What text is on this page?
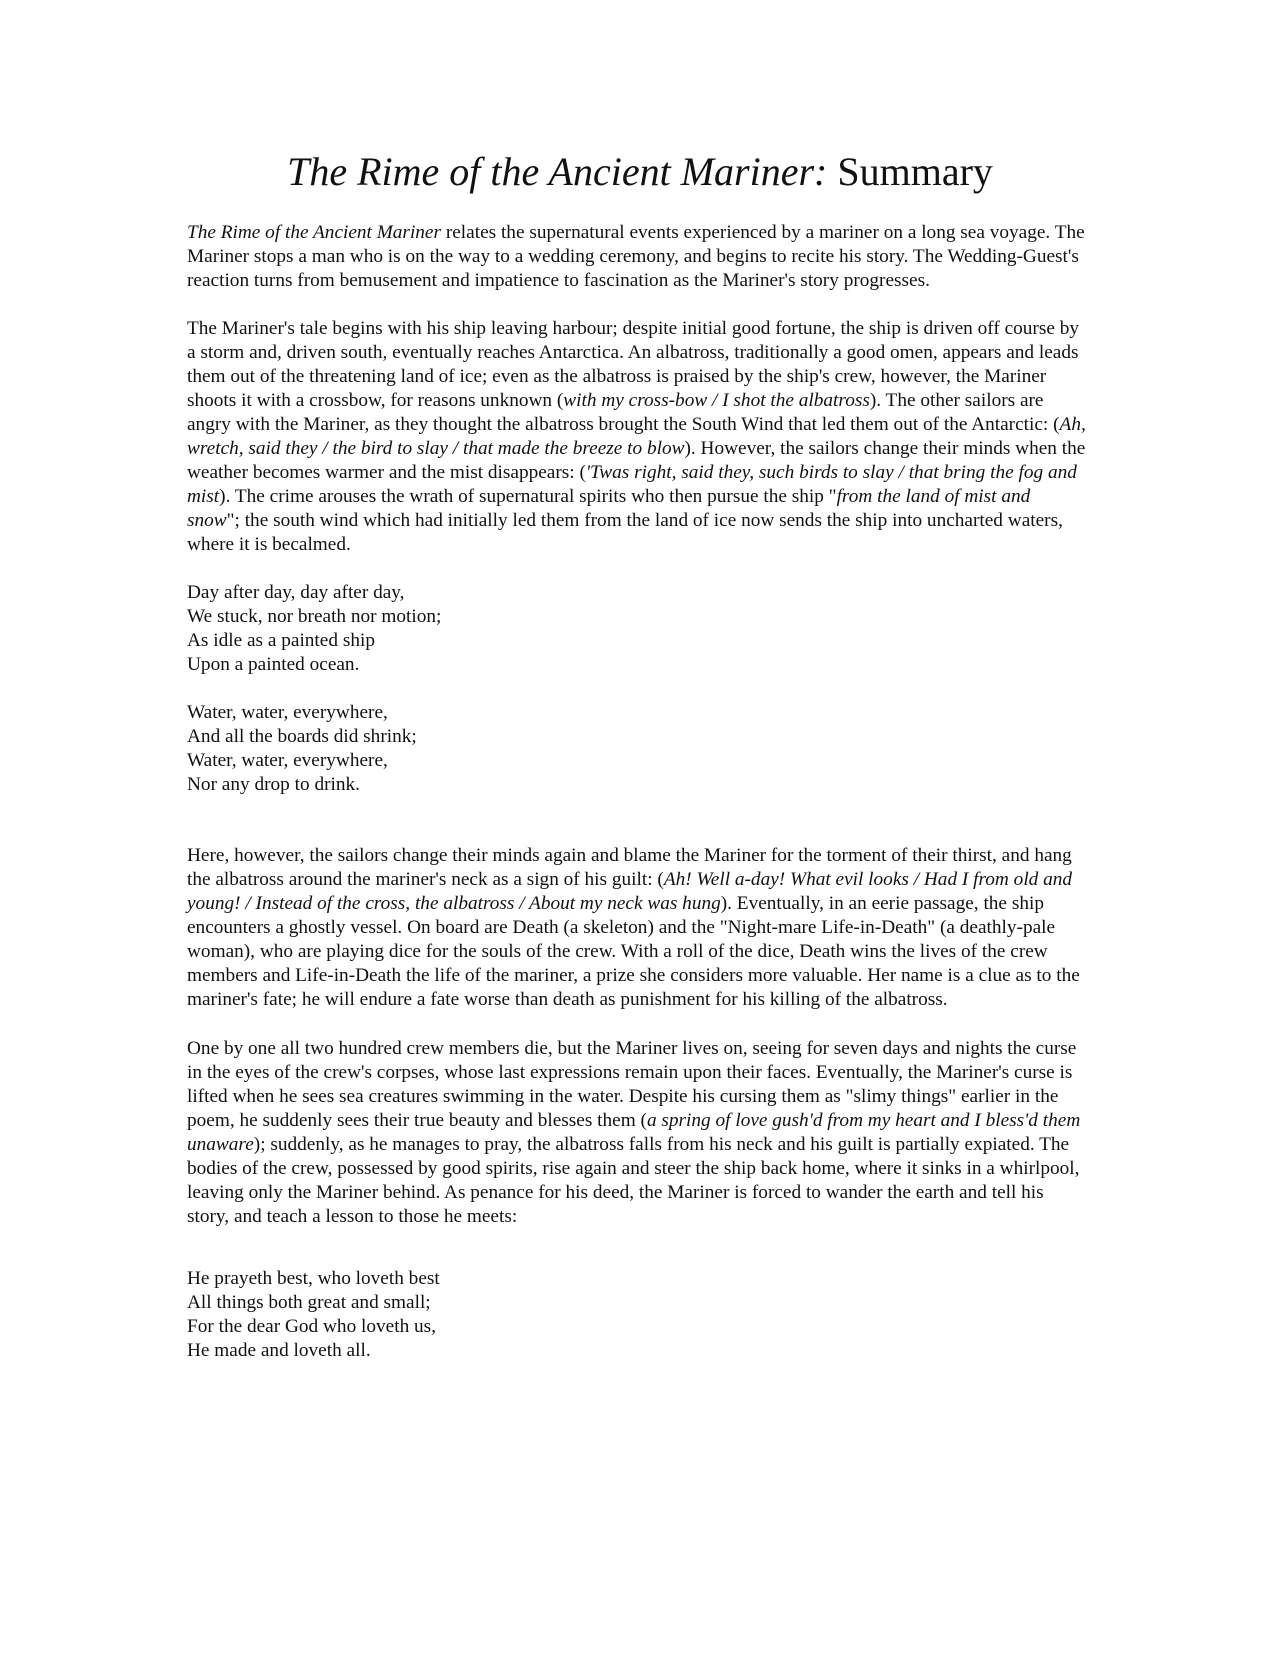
The Rime of the Ancient Mariner: Summary

The Rime of the Ancient Mariner relates the supernatural events experienced by a mariner on a long sea voyage. The Mariner stops a man who is on the way to a wedding ceremony, and begins to recite his story. The Wedding-Guest's reaction turns from bemusement and impatience to fascination as the Mariner's story progresses.

The Mariner's tale begins with his ship leaving harbour; despite initial good fortune, the ship is driven off course by a storm and, driven south, eventually reaches Antarctica. An albatross, traditionally a good omen, appears and leads them out of the threatening land of ice; even as the albatross is praised by the ship's crew, however, the Mariner shoots it with a crossbow, for reasons unknown (with my cross-bow / I shot the albatross). The other sailors are angry with the Mariner, as they thought the albatross brought the South Wind that led them out of the Antarctic: (Ah, wretch, said they / the bird to slay / that made the breeze to blow). However, the sailors change their minds when the weather becomes warmer and the mist disappears: ('Twas right, said they, such birds to slay / that bring the fog and mist). The crime arouses the wrath of supernatural spirits who then pursue the ship "from the land of mist and snow"; the south wind which had initially led them from the land of ice now sends the ship into uncharted waters, where it is becalmed.

Day after day, day after day,
We stuck, nor breath nor motion;
As idle as a painted ship
Upon a painted ocean.
Water, water, everywhere,
And all the boards did shrink;
Water, water, everywhere,
Nor any drop to drink.

Here, however, the sailors change their minds again and blame the Mariner for the torment of their thirst, and hang the albatross around the mariner's neck as a sign of his guilt: (Ah! Well a-day! What evil looks / Had I from old and young! / Instead of the cross, the albatross / About my neck was hung). Eventually, in an eerie passage, the ship encounters a ghostly vessel. On board are Death (a skeleton) and the "Night-mare Life-in-Death" (a deathly-pale woman), who are playing dice for the souls of the crew. With a roll of the dice, Death wins the lives of the crew members and Life-in-Death the life of the mariner, a prize she considers more valuable. Her name is a clue as to the mariner's fate; he will endure a fate worse than death as punishment for his killing of the albatross.

One by one all two hundred crew members die, but the Mariner lives on, seeing for seven days and nights the curse in the eyes of the crew's corpses, whose last expressions remain upon their faces. Eventually, the Mariner's curse is lifted when he sees sea creatures swimming in the water. Despite his cursing them as "slimy things" earlier in the poem, he suddenly sees their true beauty and blesses them (a spring of love gush'd from my heart and I bless'd them unaware); suddenly, as he manages to pray, the albatross falls from his neck and his guilt is partially expiated. The bodies of the crew, possessed by good spirits, rise again and steer the ship back home, where it sinks in a whirlpool, leaving only the Mariner behind. As penance for his deed, the Mariner is forced to wander the earth and tell his story, and teach a lesson to those he meets:

He prayeth best, who loveth best
All things both great and small;
For the dear God who loveth us,
He made and loveth all.
